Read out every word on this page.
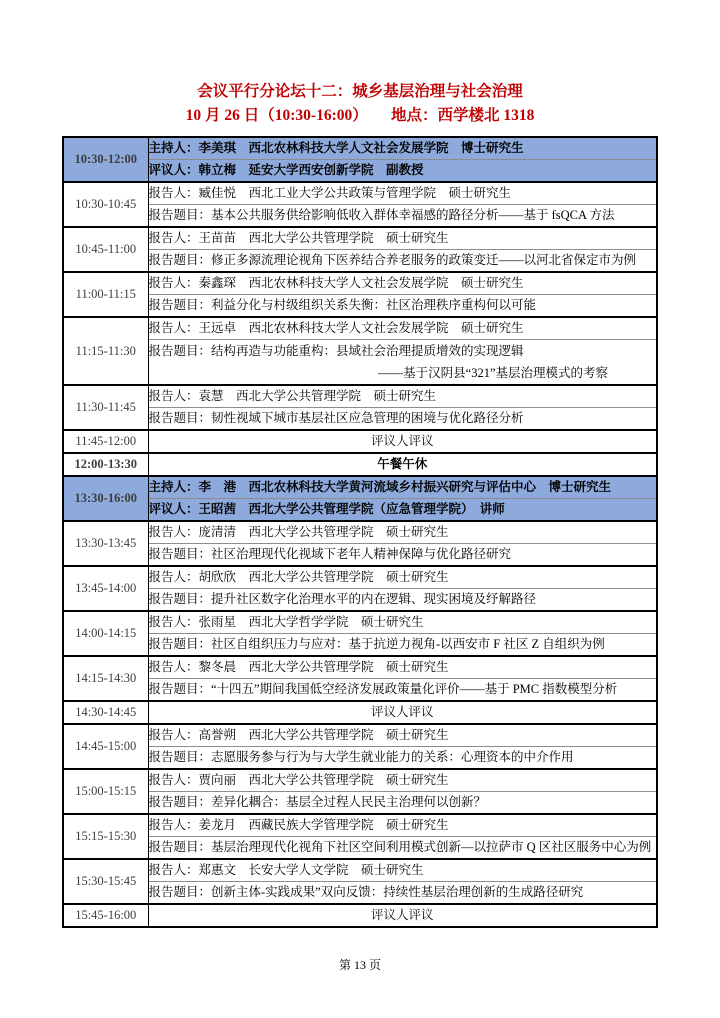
会议平行分论坛十二：城乡基层治理与社会治理
10 月 26 日（10:30-16:00）　　地点：西学楼北 1318
10:30-12:00	主持人：李美琪　西北农林科技大学人文社会发展学院　博士研究生
	评议人：韩立梅　延安大学西安创新学院　副教授
10:30-10:45	报告人：臧佳悦　西北工业大学公共政策与管理学院　硕士研究生
	报告题目：基本公共服务供给影响低收入群体幸福感的路径分析——基于 fsQCA 方法
10:45-11:00	报告人：王苗苗　西北大学公共管理学院　硕士研究生
	报告题目：修正多源流理论视角下医养结合养老服务的政策变迁——以河北省保定市为例
11:00-11:15	报告人：秦鑫琛　西北农林科技大学人文社会发展学院　硕士研究生
	报告题目：利益分化与村级组织关系失衡：社区治理秩序重构何以可能
11:15-11:30	报告人：王远卓　西北农林科技大学人文社会发展学院　硕士研究生

	报告题目：结构再造与功能重构：县域社会治理提质增效的实现逻辑
——基于汉阴县“321”基层治理模式的考察

11:30-11:45	报告人：袁慧　西北大学公共管理学院　硕士研究生
	报告题目：韧性视域下城市基层社区应急管理的困境与优化路径分析
11:45-12:00	评议人评议
12:00-13:30	午餐午休
13:30-16:00	主持人：李　港　西北农林科技大学黄河流域乡村振兴研究与评估中心　博士研究生
	评议人：王昭茜　西北大学公共管理学院（应急管理学院）　讲师
13:30-13:45	报告人：庞清清　西北大学公共管理学院　硕士研究生
	报告题目：社区治理现代化视域下老年人精神保障与优化路径研究
13:45-14:00	报告人：胡欣欣　西北大学公共管理学院　硕士研究生
	报告题目：提升社区数字化治理水平的内在逻辑、现实困境及纾解路径
14:00-14:15	报告人：张雨星　西北大学哲学学院　硕士研究生
	报告题目：社区自组织压力与应对：基于抗逆力视角-以西安市 F 社区 Z 自组织为例
14:15-14:30	报告人：黎冬晨　西北大学公共管理学院　硕士研究生
	报告题目：“十四五”期间我国低空经济发展政策量化评价——基于 PMC 指数模型分析
14:30-14:45	评议人评议
14:45-15:00	报告人：高誉朔　西北大学公共管理学院　硕士研究生
	报告题目：志愿服务参与行为与大学生就业能力的关系：心理资本的中介作用
15:00-15:15	报告人：贾向丽　西北大学公共管理学院　硕士研究生
	报告题目：差异化耦合：基层全过程人民民主治理何以创新？
15:15-15:30	报告人：姜龙月　西藏民族大学管理学院　硕士研究生
	报告题目：基层治理现代化视角下社区空间利用模式创新—以拉萨市 Q 区社区服务中心为例
15:30-15:45	报告人：郑惠文　长安大学人文学院　硕士研究生
	报告题目：创新主体-实践成果”双向反馈：持续性基层治理创新的生成路径研究
15:45-16:00	评议人评议
第 13 页
